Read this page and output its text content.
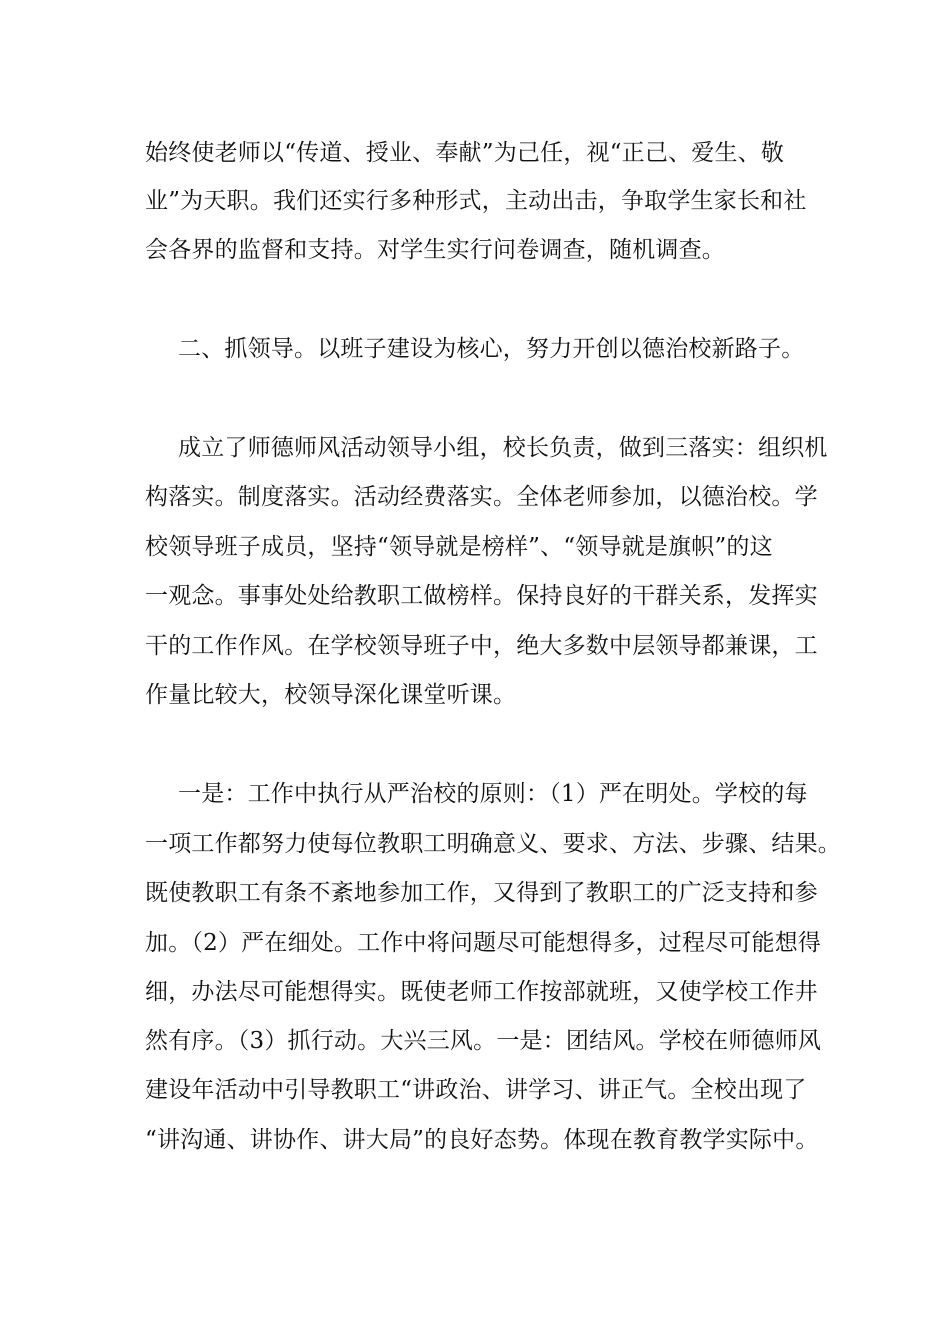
始终使老师以“传道、授业、奉献”为己任，视“正己、爱生、敬
业”为天职。我们还实行多种形式，主动出击，争取学生家长和社
会各界的监督和支持。对学生实行问卷调查，随机调查。
二、抓领导。以班子建设为核心，努力开创以德治校新路子。
成立了师德师风活动领导小组，校长负责，做到三落实：组织机
构落实。制度落实。活动经费落实。全体老师参加，以德治校。学
校领导班子成员，坚持“领导就是榜样”、“领导就是旗帜”的这
一观念。事事处处给教职工做榜样。保持良好的干群关系，发挥实
干的工作作风。在学校领导班子中，绝大多数中层领导都兼课，工
作量比较大，校领导深化课堂听课。
一是：工作中执行从严治校的原则：（1）严在明处。学校的每
一项工作都努力使每位教职工明确意义、要求、方法、步骤、结果。
既使教职工有条不紊地参加工作，又得到了教职工的广泛支持和参
加。（2）严在细处。工作中将问题尽可能想得多，过程尽可能想得
细，办法尽可能想得实。既使老师工作按部就班，又使学校工作井
然有序。（3）抓行动。大兴三风。一是：团结风。学校在师德师风
建设年活动中引导教职工“讲政治、讲学习、讲正气。全校出现了
“讲沟通、讲协作、讲大局”的良好态势。体现在教育教学实际中。
